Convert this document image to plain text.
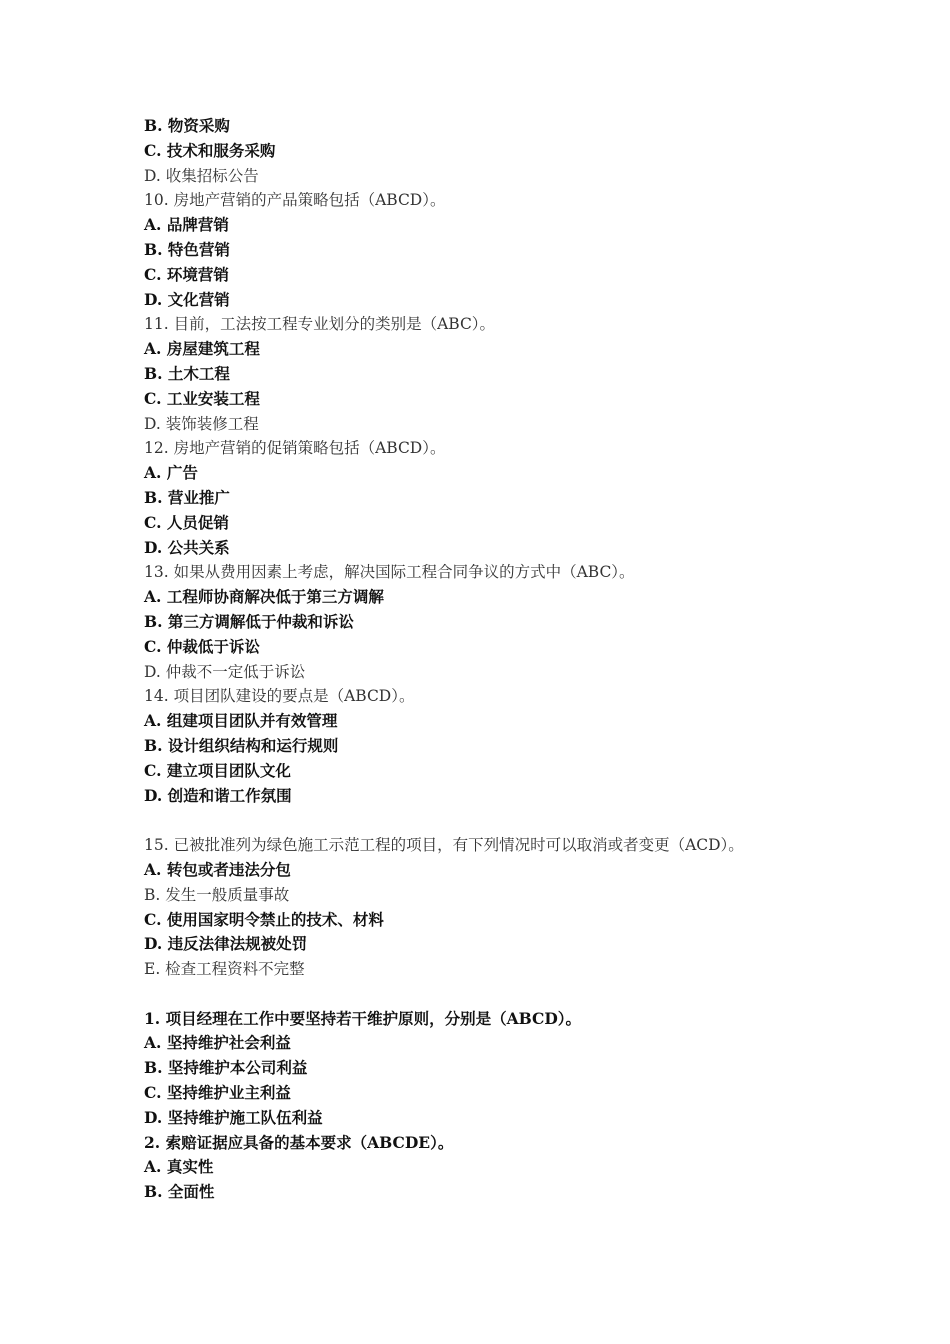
B. 物资采购
C. 技术和服务采购
D. 收集招标公告
10. 房地产营销的产品策略包括（ABCD）。
A. 品牌营销
B. 特色营销
C. 环境营销
D. 文化营销
11. 目前，工法按工程专业划分的类别是（ABC）。
A. 房屋建筑工程
B. 土木工程
C. 工业安装工程
D. 装饰装修工程
12. 房地产营销的促销策略包括（ABCD）。
A. 广告
B. 营业推广
C. 人员促销
D. 公共关系
13. 如果从费用因素上考虑，解决国际工程合同争议的方式中（ABC）。
A. 工程师协商解决低于第三方调解
B. 第三方调解低于仲裁和诉讼
C. 仲裁低于诉讼
D. 仲裁不一定低于诉讼
14. 项目团队建设的要点是（ABCD）。
A. 组建项目团队并有效管理
B. 设计组织结构和运行规则
C. 建立项目团队文化
D. 创造和谐工作氛围
15. 已被批准列为绿色施工示范工程的项目，有下列情况时可以取消或者变更（ACD）。
A. 转包或者违法分包
B. 发生一般质量事故
C. 使用国家明令禁止的技术、材料
D. 违反法律法规被处罚
E. 检查工程资料不完整
1. 项目经理在工作中要坚持若干维护原则，分别是（ABCD）。
A. 坚持维护社会利益
B. 坚持维护本公司利益
C. 坚持维护业主利益
D. 坚持维护施工队伍利益
2. 索赔证据应具备的基本要求（ABCDE）。
A. 真实性
B. 全面性
